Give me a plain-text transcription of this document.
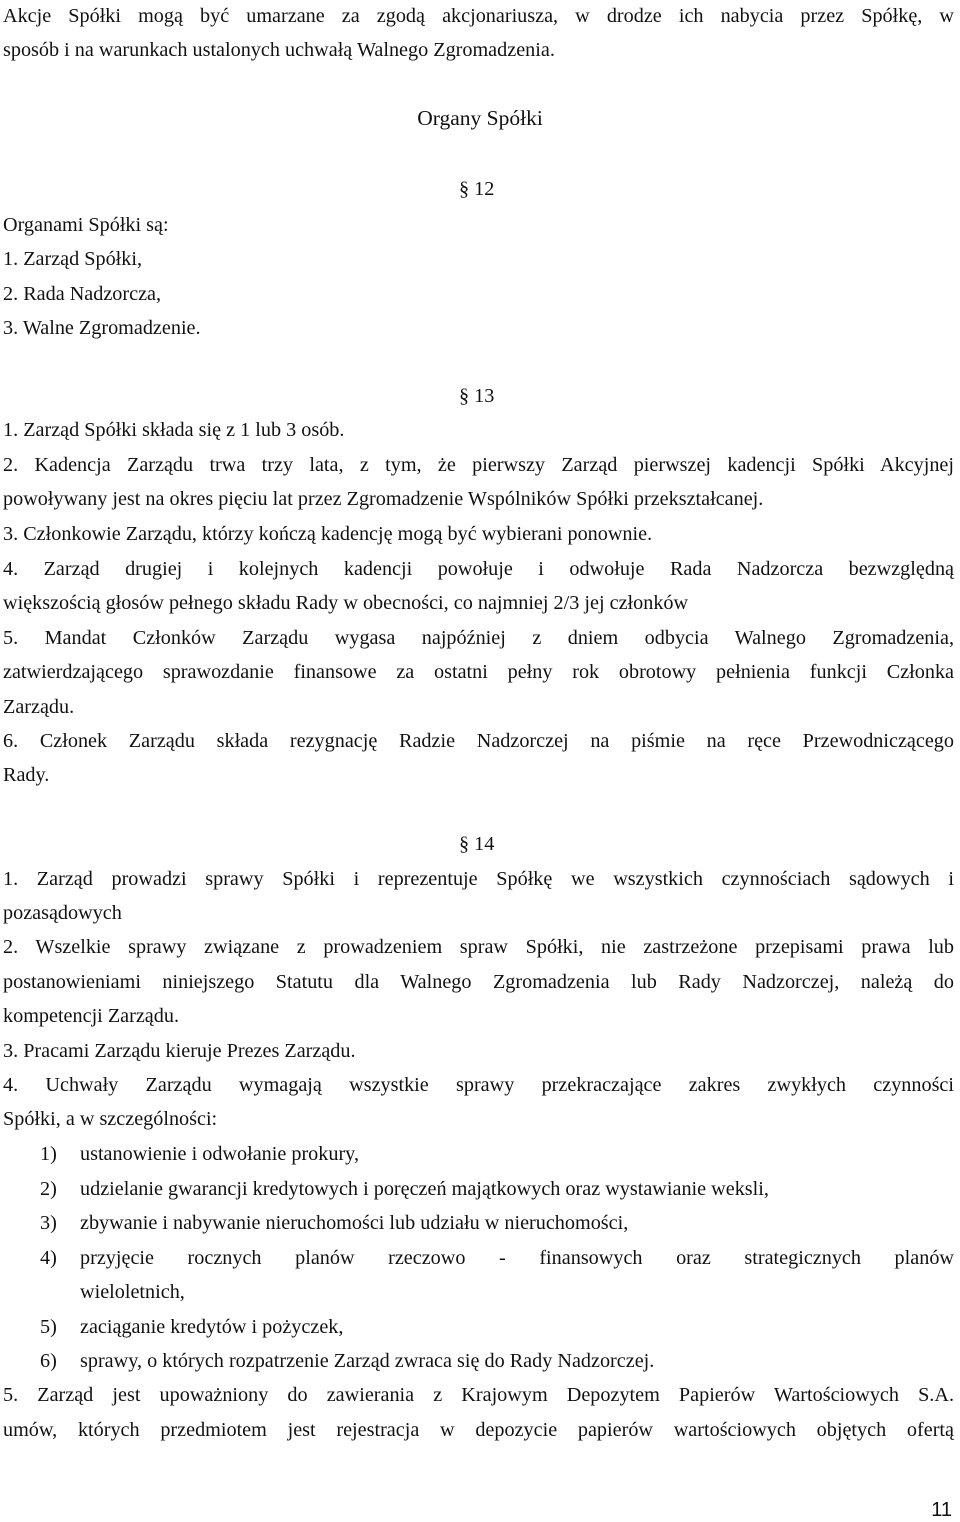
Akcje Spółki mogą być umarzane za zgodą akcjonariusza, w drodze ich nabycia przez Spółkę, w
sposób i na warunkach ustalonych uchwałą Walnego Zgromadzenia.
Organy Spółki
§ 12
Organami Spółki są:
1. Zarząd Spółki,
2. Rada Nadzorcza,
3. Walne Zgromadzenie.
§ 13
1. Zarząd Spółki składa się z 1 lub 3 osób.
2. Kadencja Zarządu trwa trzy lata, z tym, że pierwszy Zarząd pierwszej kadencji Spółki Akcyjnej
powoływany jest na okres pięciu lat przez Zgromadzenie Wspólników Spółki przekształcanej.
3. Członkowie Zarządu, którzy kończą kadencję mogą być wybierani ponownie.
4. Zarząd drugiej i kolejnych kadencji powołuje i odwołuje Rada Nadzorcza bezwzględną
większością głosów pełnego składu Rady w obecności, co najmniej 2/3 jej członków
5. Mandat Członków Zarządu wygasa najpóźniej z dniem odbycia Walnego Zgromadzenia,
zatwierdzającego sprawozdanie finansowe za ostatni pełny rok obrotowy pełnienia funkcji Członka
Zarządu.
6. Członek Zarządu składa rezygnację Radzie Nadzorczej na piśmie na ręce Przewodniczącego
Rady.
§ 14
1. Zarząd prowadzi sprawy Spółki i reprezentuje Spółkę we wszystkich czynnościach sądowych i
pozasądowych
2. Wszelkie sprawy związane z prowadzeniem spraw Spółki, nie zastrzeżone przepisami prawa lub
postanowieniami niniejszego Statutu dla Walnego Zgromadzenia lub Rady Nadzorczej, należą do
kompetencji Zarządu.
3. Pracami Zarządu kieruje Prezes Zarządu.
4. Uchwały Zarządu wymagają wszystkie sprawy przekraczające zakres zwykłych czynności
Spółki, a w szczególności:
1) ustanowienie i odwołanie prokury,
2) udzielanie gwarancji kredytowych i poręczeń majątkowych oraz wystawianie weksli,
3) zbywanie i nabywanie nieruchomości lub udziału w nieruchomości,
4) przyjęcie rocznych planów rzeczowo - finansowych oraz strategicznych planów
wieloletnich,
5) zaciąganie kredytów i pożyczek,
6) sprawy, o których rozpatrzenie Zarząd zwraca się do Rady Nadzorczej.
5. Zarząd jest upoważniony do zawierania z Krajowym Depozytem Papierów Wartościowych S.A.
umów, których przedmiotem jest rejestracja w depozycie papierów wartościowych objętych ofertą
11
